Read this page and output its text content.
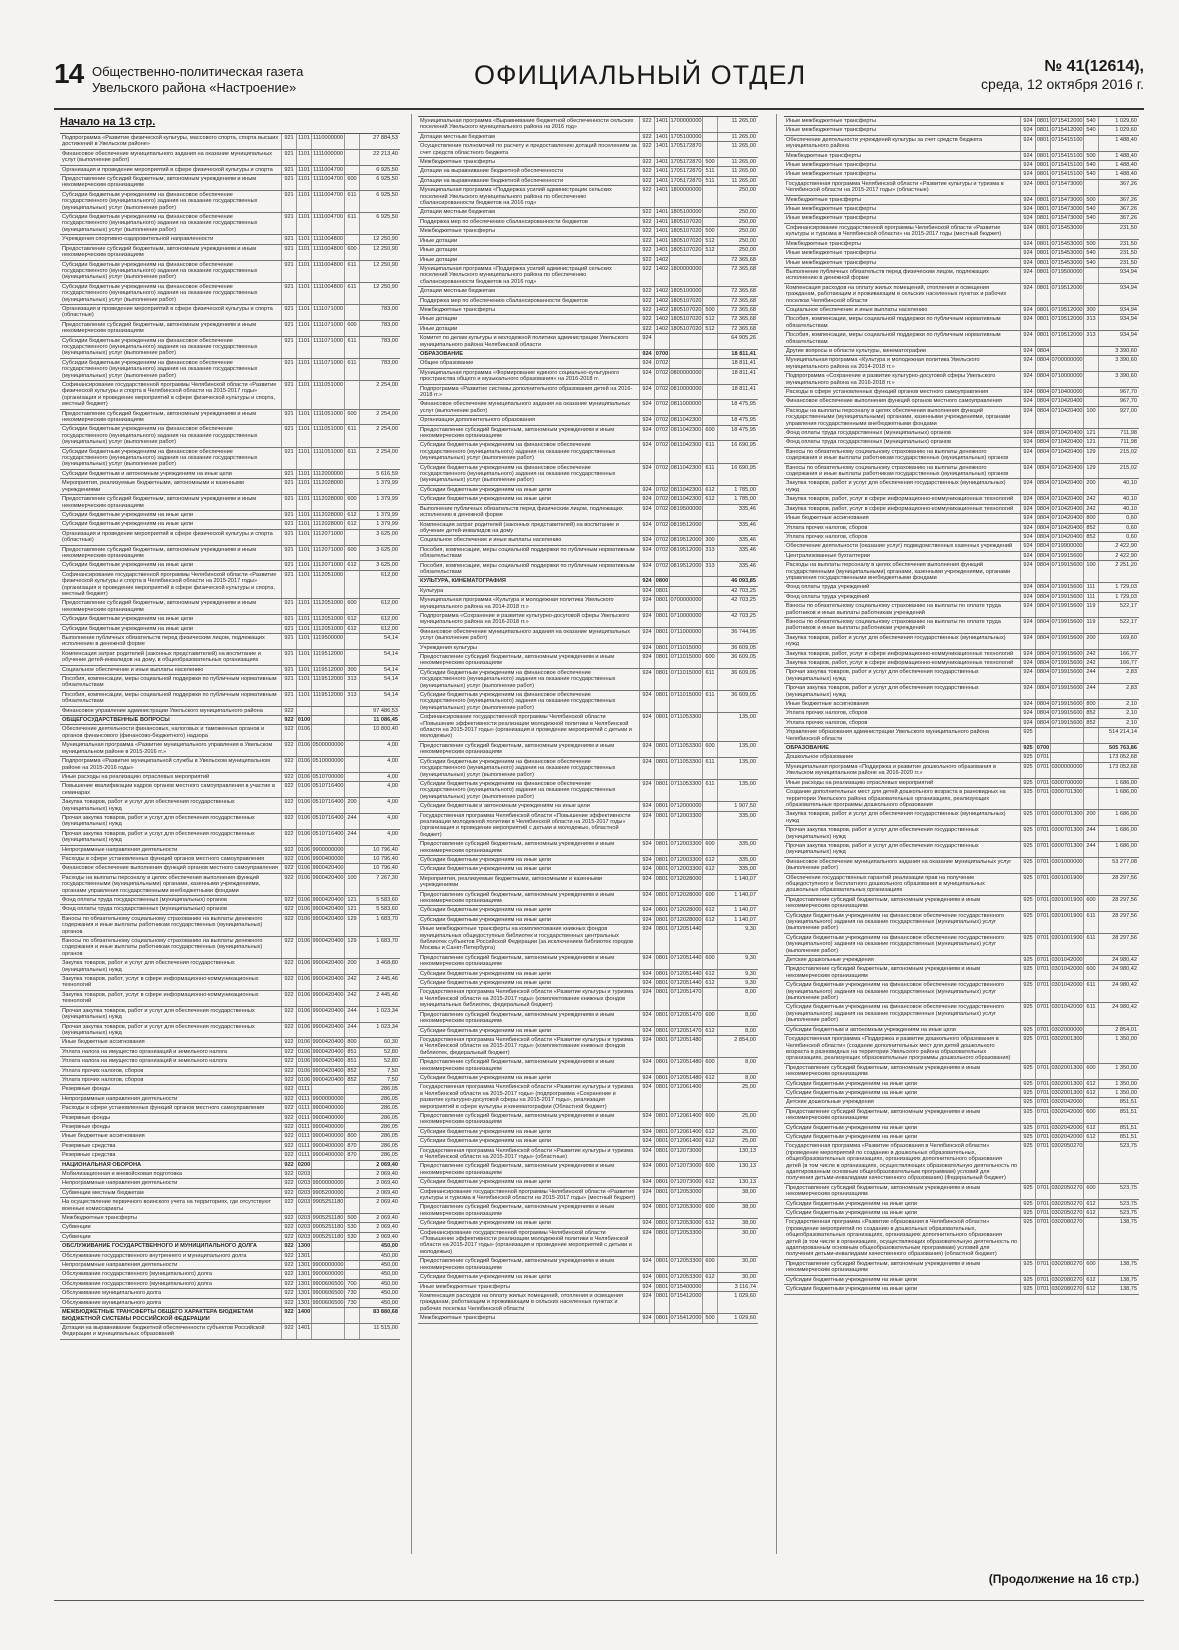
14 Общественно-политическая газета
Увельского района «Настроение»	ОФИЦИАЛЬНЫЙ ОТДЕЛ	№ 41(12614),
среда, 12 октября 2016 г.
Начало на 13 стр.
Подпрограмма «Развитие физической культуры, массового спорта, спорта высших достижений в Увельском районе»
921 1101 1110000000	27 884,53
Финансовое обеспечение муниципального задания на оказание муниципальных услуг (выполнение работ)
921 1101 1111000000	22 213,40
Организация и проведение мероприятий в сфере физической культуры и спорта	921 1101 1111004700	6 925,50
Предоставление субсидий бюджетным, автономным учреждениям и иным некоммерческим организациям
921 1101 1111004700 600	6 925,50
Субсидии бюджетным учреждениям на финансовое обеспечение государственного (муниципального) задания на оказание государственных (муниципальных) услуг (выполнение работ)
921 1101 1111004700 611	6 925,50
Субсидии бюджетным учреждениям на финансовое обеспечение государственного (муниципального) задания на оказание государственных (муниципальных) услуг (выполнение работ)
921 1101 1111004700 611	6 925,50
Учреждения спортивно-оздоровительной направленности	921 1101 1111004800	12 250,90
Предоставление субсидий бюджетным, автономным учреждениям и иным некоммерческим организациям
921 1101 1111004800 600	12 250,90
Субсидии бюджетным учреждениям на финансовое обеспечение государственного (муниципального) задания на оказание государственных (муниципальных) услуг (выполнение работ)
921 1101 1111004800 611	12 250,90
Субсидии бюджетным учреждениям на финансовое обеспечение государственного (муниципального) задания на оказание государственных (муниципальных) услуг (выполнение работ)
921 1101 1111004800 611	12 250,90
Организация и проведение мероприятий в сфере физической культуры и спорта (областные)
921 1101 1111071000	783,00
Предоставление субсидий бюджетным, автономным учреждениям и иным некоммерческим организациям
921 1101 1111071000 600	783,00
Субсидии бюджетным учреждениям на финансовое обеспечение государственного (муниципального) задания на оказание государственных (муниципальных) услуг (выполнение работ)
921 1101 1111071000 611	783,00
Субсидии бюджетным учреждениям на финансовое обеспечение государственного (муниципального) задания на оказание государственных (муниципальных) услуг (выполнение работ)
921 1101 1111071000 611	783,00
Софинансирование государственной программы Челябинской области «Развитие физической культуры и спорта в Челябинской области на 2015-2017 годы» (организация и проведение мероприятий в сфере физической культуры и спорта, местный бюджет)
921 1101 1111051000	2 254,00
Предоставление субсидий бюджетным, автономным учреждениям и иным некоммерческим организациям
921 1101 1111051000 600	2 254,00
Субсидии бюджетным учреждениям на финансовое обеспечение государственного (муниципального) задания на оказание государственных (муниципальных) услуг (выполнение работ)
921 1101 1111051000 611	2 254,00
Субсидии бюджетным учреждениям на финансовое обеспечение государственного (муниципального) задания на оказание государственных (муниципальных) услуг (выполнение работ)
921 1101 1111051000 611	2 254,00
Субсидии бюджетным и автономным учреждениям на иные цели	921 1101 1112000000	5 616,59
Мероприятия, реализуемые бюджетными, автономными и казенными учреждениями
921 1101 1112028000	1 379,99
Предоставление субсидий бюджетным, автономным учреждениям и иным некоммерческим организациям
921 1101 1112028000 600	1 379,99
Субсидии бюджетным учреждениям на иные цели	921 1101 1112028000 612	1 379,99
Субсидии бюджетным учреждениям на иные цели	921 1101 1112028000 612	1 379,99
Организация и проведение мероприятий в сфере физической культуры и спорта (областные)
921 1101 1112071000	3 625,00
Предоставление субсидий бюджетным, автономным учреждениям и иным некоммерческим организациям
921 1101 1112071000 600	3 625,00
Субсидии бюджетным учреждениям на иные цели	921 1101 1112071000 612	3 625,00
Софинансирование государственной программы Челябинской области «Развитие физической культуры и спорта в Челябинской области на 2015-2017 годы» (организация и проведение мероприятий в сфере физической культуры и спорта, местный бюджет)
921 1101 1112051000	612,00
Предоставление субсидий бюджетным, автономным учреждениям и иным некоммерческим организациям
921 1101 1112051000 600	612,00
Субсидии бюджетным учреждениям на иные цели	921 1101 1112051000 612	612,00
Субсидии бюджетным учреждениям на иные цели	921 1101 1112051000 612	612,00
Выполнение публичных обязательств перед физическим лицом, подлежащих исполнению в денежной форме
921 1101 1119500000	54,14
Компенсация затрат родителей (законных представителей) на воспитание и обучение детей-инвалидов на дому, в общеобразовательных организациях
921 1101 1119512000	54,14
Социальное обеспечение и иные выплаты населению	921 1101 1119512000 300	54,14
Пособия, компенсации, меры социальной поддержки по публичным нормативным обязательствам
921 1101 1119512000 313	54,14
Пособия, компенсации, меры социальной поддержки по публичным нормативным обязательствам
921 1101 1119512000 313	54,14
Финансовое управление администрации Увельского муниципального района	922	97 486,53
ОБЩЕГОСУДАРСТВЕННЫЕ ВОПРОСЫ	922 0100	11 086,45
Обеспечение деятельности финансовых, налоговых и таможенных органов и органов финансового (финансово-бюджетного) надзора
922 0106	10 800,40
Муниципальная программа «Развитие муниципального управления в Увельском муниципальном районе в 2015-2016 гг.»
922 0106 0500000000	4,00
Подпрограмма «Развитие муниципальной службы в Увельском муниципальном районе на 2015-2016 годы»
922 0106 0510000000	4,00
Иные расходы на реализацию отраслевых мероприятий	922 0106 0510700000	4,00
Повышение квалификации кадров органов местного самоуправления в участие в семинарах
922 0106 0510716400	4,00
Закупка товаров, работ и услуг для обеспечения государственных (муниципальных) нужд
922 0106 0510716400 200	4,00
Прочая закупка товаров, работ и услуг для обеспечения государственных (муниципальных) нужд
922 0106 0510716400 244	4,00
Прочая закупка товаров, работ и услуг для обеспечения государственных (муниципальных) нужд
922 0106 0510716400 244	4,00
Непрограммные направления деятельности	922 0106 9900000000	10 796,40
Расходы в сфере установленных функций органов местного самоуправления	922 0106 9900400000	10 796,40
Финансовое обеспечение выполнения функций органов местного самоуправления	922 0106 9900420400	10 796,40
Расходы на выплаты персоналу в целях обеспечения выполнения функций государственными (муниципальными) органами, казенными учреждениями, органами управления государственными внебюджетными фондами
922 0106 9900420400 100	7 267,30
Фонд оплаты труда государственных (муниципальных) органов	922 0106 9900420400 121	5 583,60
Фонд оплаты труда государственных (муниципальных) органов	922 0106 9900420400 121	5 583,60
Взносы по обязательному социальному страхованию на выплаты денежного содержания и иные выплаты работникам государственных (муниципальных) органов
922 0106 9900420400 129	1 683,70
Взносы по обязательному социальному страхованию на выплаты денежного содержания и иные выплаты работникам государственных (муниципальных) органов
922 0106 9900420400 129	1 683,70
Закупка товаров, работ и услуг для обеспечения государственных (муниципальных) нужд
922 0106 9900420400 200	3 468,80
Закупка товаров, работ, услуг в сфере информационно-коммуникационных технологий
922 0106 9900420400 242	2 445,46
Закупка товаров, работ, услуг в сфере информационно-коммуникационных технологий
922 0106 9900420400 242	2 445,46
Прочая закупка товаров, работ и услуг для обеспечения государственных (муниципальных) нужд
922 0106 9900420400 244	1 023,34
Прочая закупка товаров, работ и услуг для обеспечения государственных (муниципальных) нужд
922 0106 9900420400 244	1 023,34
Иные бюджетные ассигнования	922 0106 9900420400 800	60,30
Уплата налога на имущество организаций и земельного налога	922 0106 9900420400 851	52,80
Уплата налога на имущество организаций и земельного налога	922 0106 9900420400 851	52,80
Уплата прочих налогов, сборов	922 0106 9900420400 852	7,50
Уплата прочих налогов, сборов	922 0106 9900420400 852	7,50
Резервные фонды	922 0111	286,05
Непрограммные направления деятельности	922 0111 9900000000	286,05
Расходы в сфере установленных функций органов местного самоуправления	922 0111 9900400000	286,05
Резервные фонды	922 0111 9900400000	286,05
Резервные фонды	922 0111 9900400000	286,05
Иные бюджетные ассигнования	922 0111 9900400000 800	286,05
Резервные средства	922 0111 9900400000 870	286,05
Резервные средства	922 0111 9900400000 870	286,05
НАЦИОНАЛЬНАЯ ОБОРОНА	922 0200	2 069,40
Мобилизационная и вневойсковая подготовка	922 0203	2 069,40
Непрограммные направления деятельности	922 0203 9900000000	2 069,40
Субвенции местным бюджетам	922 0203 9905200000	2 069,40
На осуществление первичного воинского учета на территориях, где отсутствуют военные комиссариаты
922 0203 9905251180	2 069,40
Межбюджетные трансферты	922 0203 9905251180 500	2 069,40
Субвенции	922 0203 9905251180 530	2 069,40
Субвенции	922 0203 9905251180 530	2 069,40
ОБСЛУЖИВАНИЕ ГОСУДАРСТВЕННОГО И МУНИЦИПАЛЬНОГО ДОЛГА	922 1300	450,00
Обслуживание государственного внутреннего и муниципального долга	922 1301	450,00
Непрограммные направления деятельности	922 1301 9900000000	450,00
Обслуживание государственного (муниципального) долга	922 1301 9900600000	450,00
Обслуживание государственного (муниципального) долга	922 1301 9900606500 700	450,00
Обслуживание муниципального долга	922 1301 9900606500 730	450,00
Обслуживание муниципального долга	922 1301 9900606500 730	450,00
МЕЖБЮДЖЕТНЫЕ ТРАНСФЕРТЫ ОБЩЕГО ХАРАКТЕРА БЮДЖЕТАМ БЮДЖЕТНОЙ СИСТЕМЫ РОССИЙСКОЙ ФЕДЕРАЦИИ
922 1400	83 880,68
Дотации на выравнивание бюджетной обеспеченности субъектов Российской Федерации и муниципальных образований
922 1401	11 515,00
Муниципальная программа «Выравнивание бюджетной обеспеченности сельских поселений Увельского муниципального района на 2016 год»
922 1401 1700000000	11 265,00
Дотации местным бюджетам	922 1401 1705100000	11 265,00
Осуществление полномочий по расчету и предоставлению дотаций поселениям за счет средств областного бюджета
922 1401 1705172870	11 265,00
Межбюджетные трансферты	922 1401 1705172870 500	11 265,00
Дотации на выравнивание бюджетной обеспеченности	922 1401 1705172870 511	11 265,00
Дотации на выравнивание бюджетной обеспеченности	922 1401 1705172870 511	11 265,00
Муниципальная программа «Поддержка усилий администрации сельских поселений Увельского муниципального района по обеспечению сбалансированности бюджетов на 2016 год»
922 1401 1800000000	250,00
Дотации местным бюджетам	922 1401 1805100000	250,00
Поддержка мер по обеспечению сбалансированности бюджетов	922 1401 1805107020	250,00
Межбюджетные трансферты	922 1401 1805107020 500	250,00
Иные дотации	922 1401 1805107020 512	250,00
Иные дотации	922 1401 1805107020 512	250,00
Иные дотации	922 1402	72 365,68
Муниципальная программа «Поддержка усилий администраций сельских поселений Увельского муниципального района по обеспечению сбалансированности бюджетов на 2016 год»
922 1402 1800000000	72 365,68
Дотации местным бюджетам	922 1402 1805100000	72 365,68
Поддержка мер по обеспечению сбалансированности бюджетов	922 1402 1805107020	72 365,68
Межбюджетные трансферты	922 1402 1805107020 500	72 365,68
Иные дотации	922 1402 1805107020 512	72 365,68
Иные дотации	922 1402 1805107020 512	72 365,68
Комитет по делам культуры и молодежной политики администрации Увельского муниципального района Челябинской области
924	64 905,26
ОБРАЗОВАНИЕ	924 0700	18 811,41
Общее образование	924 0702	18 811,41
Муниципальная программа «Формирование единого социально-культурного пространства общего и музыкального образования» на 2016-2018 гг.
924 0702 0800000000	18 811,41
Подпрограмма «Развитие системы дополнительного образования детей на 2016-2018 гг.»
924 0702 0810000000	18 811,41
Финансовое обеспечение муниципального задания на оказание муниципальных услуг (выполнение работ)
924 0702 0811000000	18 475,95
Организации дополнительного образования	924 0702 0811042300	18 475,95
Предоставление субсидий бюджетным, автономным учреждениям и иным некоммерческим организациям
924 0702 0811042300 600	18 475,95
Субсидии бюджетным учреждениям на финансовое обеспечение государственного (муниципального) задания на оказание государственных (муниципальных) услуг (выполнение работ)
924 0702 0811042300 611	16 690,95
Субсидии бюджетным учреждениям на финансовое обеспечение государственного (муниципального) задания на оказание государственных (муниципальных) услуг (выполнение работ)
924 0702 0811042300 611	16 690,95
Субсидии бюджетным учреждениям на иные цели	924 0702 0811042300 612	1 785,00
Субсидии бюджетным учреждениям на иные цели	924 0702 0811042300 612	1 785,00
Выполнение публичных обязательств перед физическим лицом, подлежащих исполнению в денежной форме
924 0702 0819500000	335,46
Компенсация затрат родителей (законных представителей) на воспитание и обучение детей-инвалидов на дому
924 0702 0819512000	335,46
Социальное обеспечение и иные выплаты населению	924 0702 0819512000 300	335,46
Пособия, компенсации, меры социальной поддержки по публичным нормативным обязательствам
924 0702 0819512000 313	335,46
Пособия, компенсации, меры социальной поддержки по публичным нормативным обязательствам
924 0702 0819512000 313	335,46
КУЛЬТУРА, КИНЕМАТОГРАФИЯ	924 0800	46 093,85
Культура	924 0801	42 703,25
Муниципальная программа «Культура и молодежная политика Увельского муниципального района на 2014-2018 гг.»
924 0801 0700000000	42 703,25
Подпрограмма «Сохранение и развитие культурно-досуговой сферы Увельского муниципального района на 2016-2018 гг.»
924 0801 0710000000	42 703,25
Финансовое обеспечение муниципального задания на оказание муниципальных услуг (выполнение работ)
924 0801 0711000000	36 744,95
Учреждения культуры	924 0801 0711015000	36 609,05
Предоставление субсидий бюджетным, автономным учреждениям и иным некоммерческим организациям
924 0801 0711015000 600	36 609,05
Субсидии бюджетным учреждениям на финансовое обеспечение государственного (муниципального) задания на оказание государственных (муниципальных) услуг (выполнение работ)
924 0801 0711015000 611	36 609,05
Субсидии бюджетным учреждениям на финансовое обеспечение государственного (муниципального) задания на оказание государственных (муниципальных) услуг (выполнение работ)
924 0801 0711015000 611	36 609,05
Софинансирование государственной программы Челябинской области «Повышение эффективности реализации молодежной политики в Челябинской области на 2015-2017 годы» (организация и проведение мероприятий с детьми и молодежью)
924 0801 0711053300	135,00
Предоставление субсидий бюджетным, автономным учреждениям и иным некоммерческим организациям
924 0801 0711053300 600	135,00
Субсидии бюджетным учреждениям на финансовое обеспечение государственного (муниципального) задания на оказание государственных (муниципальных) услуг (выполнение работ)
924 0801 0711053300 611	135,00
Субсидии бюджетным учреждениям на финансовое обеспечение государственного (муниципального) задания на оказание государственных (муниципальных) услуг (выполнение работ)
924 0801 0711053300 611	135,00
Субсидии бюджетным и автономным учреждениям на иные цели	924 0801 0712000000	1 907,50
Государственная программа Челябинской области «Повышение эффективности реализации молодежной политики в Челябинской области на 2015-2017 годы» (организация и проведение мероприятий с детьми и молодежью, областной бюджет)
924 0801 0712003300	335,00
Предоставление субсидий бюджетным, автономным учреждениям и иным некоммерческим организациям
924 0801 0712003300 600	335,00
Субсидии бюджетным учреждениям на иные цели	924 0801 0712003300 612	335,00
Субсидии бюджетным учреждениям на иные цели	924 0801 0712003300 612	335,00
Мероприятия, реализуемые бюджетными, автономными и казенными учреждениями
924 0801 0712028000	1 140,07
Предоставление субсидий бюджетным, автономным учреждениям и иным некоммерческим организациям
924 0801 0712028000 600	1 140,07
Субсидии бюджетным учреждениям на иные цели	924 0801 0712028000 612	1 140,07
Субсидии бюджетным учреждениям на иные цели	924 0801 0712028000 612	1 140,07
Иные межбюджетные трансферты на комплектование книжных фондов муниципальных общедоступных библиотек и государственных центральных библиотек субъектов Российской Федерации (за исключением библиотек городов Москвы и Санкт-Петербурга)
924 0801 0712051440	9,30
Предоставление субсидий бюджетным, автономным учреждениям и иным некоммерческим организациям
924 0801 0712051440 600	9,30
Субсидии бюджетным учреждениям на иные цели	924 0801 0712051440 612	9,30
Субсидии бюджетным учреждениям на иные цели	924 0801 0712051440 612	9,30
Государственная программа Челябинской области «Развитие культуры и туризма в Челябинской области на 2015-2017 годы» (комплектование книжных фондов муниципальных библиотек, федеральный бюджет)
924 0801 0712051470	8,00
Предоставление субсидий бюджетным, автономным учреждениям и иным некоммерческим организациям
924 0801 0712051470 600	8,00
Субсидии бюджетным учреждениям на иные цели	924 0801 0712051470 612	8,00
Государственная программа Челябинской области «Развитие культуры и туризма в Челябинской области на 2015-2017 годы» (комплектование книжных фондов библиотек, федеральный бюджет)
924 0801 0712051480	2 854,00
Предоставление субсидий бюджетным, автономным учреждениям и иным некоммерческим организациям
924 0801 0712051480 600	8,00
Субсидии бюджетным учреждениям на иные цели	924 0801 0712051480 612	8,00
Государственная программа Челябинской области «Развитие культуры и туризма в Челябинской области на 2015-2017 годы» (подпрограмма «Сохранение и развитие культурно-досуговой сферы на 2015-2017 годы», реализация мероприятий в сфере культуры и кинематографии (Областной бюджет)
924 0801 0712061400	25,00
Предоставление субсидий бюджетным, автономным учреждениям и иным некоммерческим организациям
924 0801 0712061400 600	25,00
Субсидии бюджетным учреждениям на иные цели	924 0801 0712061400 612	25,00
Субсидии бюджетным учреждениям на иные цели	924 0801 0712061400 612	25,00
Государственная программа Челябинской области «Развитие культуры и туризма в Челябинской области на 2015-2017 годы» (областные)
924 0801 0712073000	130,13
Предоставление субсидий бюджетным, автономным учреждениям и иным некоммерческим организациям
924 0801 0712073000 600	130,13
Субсидии бюджетным учреждениям на иные цели	924 0801 0712073000 612	130,13
Софинансирование государственной программы Челябинской области «Развитие культуры и туризма в Челябинской области на 2015-2017 годы» (местный бюджет)
924 0801 0712053000	38,00
Предоставление субсидий бюджетным, автономным учреждениям и иным некоммерческим организациям
924 0801 0712053000 600	38,00
Субсидии бюджетным учреждениям на иные цели	924 0801 0712053000 612	38,00
Софинансирование государственной программы Челябинской области «Повышение эффективности реализации молодежной политики в Челябинской области на 2015-2017 годы» (организация и проведение мероприятий с детьми и молодежью)
924 0801 0712053300	30,00
Предоставление субсидий бюджетным, автономным учреждениям и иным некоммерческим организациям
924 0801 0712053300 600	30,00
Субсидии бюджетным учреждениям на иные цели	924 0801 0712053300 612	30,00
Иные межбюджетные трансферты	924 0801 0715400000	3 116,74
Компенсация расходов на оплату жилых помещений, отопления и освещения гражданам, работающим и проживающим в сельских населенных пунктах и рабочих поселках Челябинской области
924 0801 0715412000	1 029,60
Межбюджетные трансферты	924 0801 0715412000 500	1 029,60
Иные межбюджетные трансферты	924 0801 0715412000 540	1 029,60
Иные межбюджетные трансферты	924 0801 0715412000 540	1 029,60
Обеспечение деятельности учреждений культуры за счет средств бюджета муниципального района
924 0801 0715415100	1 488,40
Межбюджетные трансферты	924 0801 0715415100 500	1 488,40
Иные межбюджетные трансферты	924 0801 0715415100 540	1 488,40
Иные межбюджетные трансферты	924 0801 0715415100 540	1 488,40
Государственная программа Челябинской области «Развитие культуры и туризма в Челябинской области на 2015-2017 годы» (областные)
924 0801 0715473000	367,26
Межбюджетные трансферты	924 0801 0715473000 500	367,26
Иные межбюджетные трансферты	924 0801 0715473000 540	367,26
Иные межбюджетные трансферты	924 0801 0715473000 540	367,26
Софинансирование государственной программы Челябинской области «Развитие культуры и туризма в Челябинской области» на 2015-2017 годы (местный бюджет)
924 0801 0715453000	231,50
Межбюджетные трансферты	924 0801 0715453000 500	231,50
Иные межбюджетные трансферты	924 0801 0715453000 540	231,50
Иные межбюджетные трансферты	924 0801 0715453000 540	231,50
Выполнение публичных обязательств перед физическим лицом, подлежащих исполнению в денежной форме
924 0801 0719500000	934,94
Компенсация расходов на оплату жилых помещений, отопления и освещения гражданам, работающим и проживающим в сельских населенных пунктах и рабочих поселках Челябинской области
924 0801 0719512000	934,94
Социальное обеспечение и иные выплаты населению	924 0801 0719512000 300	934,94
Пособия, компенсации, меры социальной поддержки по публичным нормативным обязательствам
924 0801 0719512000 313	934,94
Пособия, компенсации, меры социальной поддержки по публичным нормативным обязательствам
924 0801 0719512000 313	934,94
Другие вопросы в области культуры, кинематографии	924 0804	3 390,60
Муниципальная программа «Культура и молодежная политика Увельского муниципального района на 2014-2018 гг.»
924 0804 0700000000	3 390,60
Подпрограмма «Сохранение и развитие культурно-досуговой сферы Увельского муниципального района на 2016-2018 гг.»
924 0804 0710000000	3 390,60
Расходы в сфере установленных функций органов местного самоуправления	924 0804 0710400000	967,70
Финансовое обеспечение выполнения функций органов местного самоуправления	924 0804 0710420400	967,70
Расходы на выплаты персоналу в целях обеспечения выполнения функций государственными (муниципальными) органами, казенными учреждениями, органами управления государственными внебюджетными фондами
924 0804 0710420400 100	927,00
Фонд оплаты труда государственных (муниципальных) органов	924 0804 0710420400 121	711,98
Фонд оплаты труда государственных (муниципальных) органов	924 0804 0710420400 121	711,98
Взносы по обязательному социальному страхованию на выплаты денежного содержания и иные выплаты работникам государственных (муниципальных) органов
924 0804 0710420400 129	215,02
Взносы по обязательному социальному страхованию на выплаты денежного содержания и иные выплаты работникам государственных (муниципальных) органов
924 0804 0710420400 129	215,02
Закупка товаров, работ и услуг для обеспечения государственных (муниципальных) нужд
924 0804 0710420400 200	40,10
Закупка товаров, работ, услуг в сфере информационно-коммуникационных технологий	924 0804 0710420400 242	40,10
Закупка товаров, работ, услуг в сфере информационно-коммуникационных технологий	924 0804 0710420400 242	40,10
Иные бюджетные ассигнования	924 0804 0710420400 800	0,60
Уплата прочих налогов, сборов	924 0804 0710420400 852	0,60
Уплата прочих налогов, сборов	924 0804 0710420400 852	0,60
Обеспечение деятельности (оказание услуг) подведомственных казенных учреждений	924 0804 0719900000	2 422,90
Централизованные бухгалтерии	924 0804 0719915600	2 422,90
Расходы на выплаты персоналу в целях обеспечения выполнения функций государственными (муниципальными) органами, казенными учреждениями, органами управления государственными внебюджетными фондами
924 0804 0719915600 100	2 251,20
Фонд оплаты труда учреждений	924 0804 0719915600 111	1 729,03
Фонд оплаты труда учреждений	924 0804 0719915600 111	1 729,03
Взносы по обязательному социальному страхованию на выплаты по оплате труда работников и иные выплаты работникам учреждений
924 0804 0719915600 119	522,17
Взносы по обязательному социальному страхованию на выплаты по оплате труда работников и иные выплаты работникам учреждений
924 0804 0719915600 119	522,17
Закупка товаров, работ и услуг для обеспечения государственных (муниципальных) нужд
924 0804 0719915600 200	169,60
Закупка товаров, работ, услуг в сфере информационно-коммуникационных технологий	924 0804 0719915600 242	166,77
Закупка товаров, работ, услуг в сфере информационно-коммуникационных технологий	924 0804 0719915600 242	166,77
Прочая закупка товаров, работ и услуг для обеспечения государственных (муниципальных) нужд
924 0804 0719915600 244	2,83
Прочая закупка товаров, работ и услуг для обеспечения государственных (муниципальных) нужд
924 0804 0719915600 244	2,83
Иные бюджетные ассигнования	924 0804 0719915600 800	2,10
Уплата прочих налогов, сборов	924 0804 0719915600 852	2,10
Уплата прочих налогов, сборов	924 0804 0719915600 852	2,10
Управление образования администрации Увельского муниципального района Челябинской области
925	514 214,14
ОБРАЗОВАНИЕ	925 0700	505 763,86
Дошкольное образование	925 0701	173 052,68
Муниципальная программа «Поддержка и развитие дошкольного образования в Увельском муниципальном районе на 2016-2020 гг.»
925 0701 0300000000	173 052,68
Иные расходы на реализацию отраслевых мероприятий	925 0701 0300700000	1 686,00
Создание дополнительных мест для детей дошкольного возраста в разновидных на территории Увельского района образовательных организациях, реализующих образовательные программы дошкольного образования
925 0701 0300701300	1 686,00
Закупка товаров, работ и услуг для обеспечения государственных (муниципальных) нужд
925 0701 0300701300 200	1 686,00
Прочая закупка товаров, работ и услуг для обеспечения государственных (муниципальных) нужд
925 0701 0300701300 244	1 686,00
Прочая закупка товаров, работ и услуг для обеспечения государственных (муниципальных) нужд
925 0701 0300701300 244	1 686,00
Финансовое обеспечение муниципального задания на оказание муниципальных услуг (выполнение работ)
925 0701 0301000000	53 277,08
Обеспечение государственных гарантий реализации прав на получение общедоступного и бесплатного дошкольного образования в муниципальных дошкольных образовательных организациях
925 0701 0301001900	28 297,56
Предоставление субсидий бюджетным, автономным учреждениям и иным некоммерческим организациям
925 0701 0301001900 600	28 297,56
Субсидии бюджетным учреждениям на финансовое обеспечение государственного (муниципального) задания на оказание государственных (муниципальных) услуг (выполнение работ)
925 0701 0301001900 611	28 297,56
Субсидии бюджетным учреждениям на финансовое обеспечение государственного (муниципального) задания на оказание государственных (муниципальных) услуг (выполнение работ)
925 0701 0301001900 611	28 297,56
Детские дошкольные учреждения	925 0701 0301042000	24 980,42
Предоставление субсидий бюджетным, автономным учреждениям и иным некоммерческим организациям
925 0701 0301042000 600	24 980,42
Субсидии бюджетным учреждениям на финансовое обеспечение государственного (муниципального) задания на оказание государственных (муниципальных) услуг (выполнение работ)
925 0701 0301042000 611	24 980,42
Субсидии бюджетным учреждениям на финансовое обеспечение государственного (муниципального) задания на оказание государственных (муниципальных) услуг (выполнение работ)
925 0701 0301042000 611	24 980,42
Субсидии бюджетным и автономным учреждениям на иные цели	925 0701 0302000000	2 854,01
Государственная программа «Поддержка и развитие дошкольного образования в Челябинской области» (создание дополнительных мест для детей дошкольного возраста в разновидных на территории Увельского района образовательных организациях, реализующих образовательные программы дошкольного образования)
925 0701 0302001300	1 350,00
Предоставление субсидий бюджетным, автономным учреждениям и иным некоммерческим организациям
925 0701 0302001300 600	1 350,00
Субсидии бюджетным учреждениям на иные цели	925 0701 0302001300 612	1 350,00
Субсидии бюджетным учреждениям на иные цели	925 0701 0302001300 612	1 350,00
Детские дошкольные учреждения	925 0701 0302042000	851,51
Предоставление субсидий бюджетным, автономным учреждениям и иным некоммерческим организациям
925 0701 0302042000 600	851,51
Субсидии бюджетным учреждениям на иные цели	925 0701 0302042000 612	851,51
Субсидии бюджетным учреждениям на иные цели	925 0701 0302042000 612	851,51
Государственная программа «Развитие образования в Челябинской области» (проведение мероприятий по созданию в дошкольных образовательных, общеобразовательных организациях, организациях дополнительного образования детей (в том числе в организациях, осуществляющих образовательную деятельность по адаптированным основным общеобразовательным программам) условий для получения детьми-инвалидами качественного образования) (Федеральный бюджет)
925 0701 0302050270	523,75
Предоставление субсидий бюджетным, автономным учреждениям и иным некоммерческим организациям
925 0701 0302050270 600	523,75
Субсидии бюджетным учреждениям на иные цели	925 0701 0302050270 612	523,75
Субсидии бюджетным учреждениям на иные цели	925 0701 0302050270 612	523,75
Государственная программа «Развитие образования в Челябинской области» (проведение мероприятий по созданию в дошкольных образовательных, общеобразовательных организациях, организациях дополнительного образования детей (в том числе в организациях, осуществляющих образовательную деятельность по адаптированным основным общеобразовательным программам) условий для получения детьми-инвалидами качественного образования) (областной бюджет)
925 0701 0302080270	138,75
Предоставление субсидий бюджетным, автономным учреждениям и иным некоммерческим организациям
925 0701 0302080270 600	138,75
Субсидии бюджетным учреждениям на иные цели	925 0701 0302080270 612	138,75
Субсидии бюджетным учреждениям на иные цели	925 0701 0302080270 612	138,75
(Продолжение на 16 стр.)
